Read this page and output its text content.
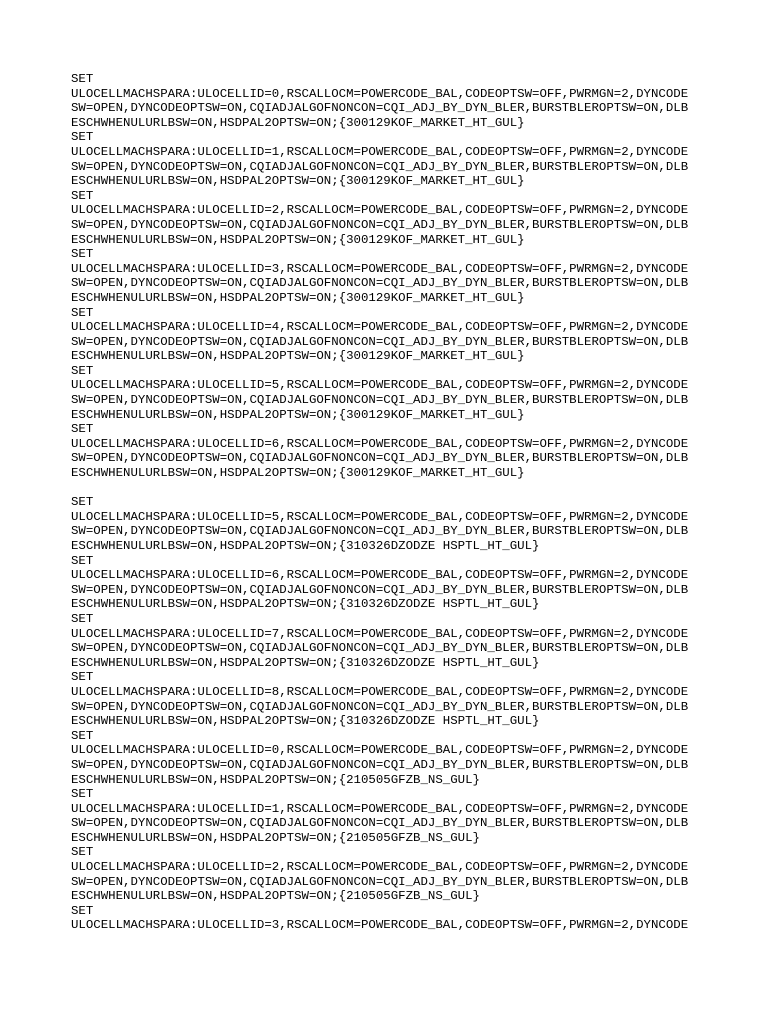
SET
ULOCELLMACHSPARA:ULOCELLID=0,RSCALLOCM=POWERCODE_BAL,CODEOPTSW=OFF,PWRMGN=2,DYNCODE
SW=OPEN,DYNCODEOPTSW=ON,CQIADJALGOFNONCON=CQI_ADJ_BY_DYN_BLER,BURSTBLEROPTSW=ON,DLB
ESCHWHENULURLBSW=ON,HSDPAL2OPTSW=ON;{300129KOF_MARKET_HT_GUL}
SET
ULOCELLMACHSPARA:ULOCELLID=1,RSCALLOCM=POWERCODE_BAL,CODEOPTSW=OFF,PWRMGN=2,DYNCODE
SW=OPEN,DYNCODEOPTSW=ON,CQIADJALGOFNONCON=CQI_ADJ_BY_DYN_BLER,BURSTBLEROPTSW=ON,DLB
ESCHWHENULURLBSW=ON,HSDPAL2OPTSW=ON;{300129KOF_MARKET_HT_GUL}
SET
ULOCELLMACHSPARA:ULOCELLID=2,RSCALLOCM=POWERCODE_BAL,CODEOPTSW=OFF,PWRMGN=2,DYNCODE
SW=OPEN,DYNCODEOPTSW=ON,CQIADJALGOFNONCON=CQI_ADJ_BY_DYN_BLER,BURSTBLEROPTSW=ON,DLB
ESCHWHENULURLBSW=ON,HSDPAL2OPTSW=ON;{300129KOF_MARKET_HT_GUL}
SET
ULOCELLMACHSPARA:ULOCELLID=3,RSCALLOCM=POWERCODE_BAL,CODEOPTSW=OFF,PWRMGN=2,DYNCODE
SW=OPEN,DYNCODEOPTSW=ON,CQIADJALGOFNONCON=CQI_ADJ_BY_DYN_BLER,BURSTBLEROPTSW=ON,DLB
ESCHWHENULURLBSW=ON,HSDPAL2OPTSW=ON;{300129KOF_MARKET_HT_GUL}
SET
ULOCELLMACHSPARA:ULOCELLID=4,RSCALLOCM=POWERCODE_BAL,CODEOPTSW=OFF,PWRMGN=2,DYNCODE
SW=OPEN,DYNCODEOPTSW=ON,CQIADJALGOFNONCON=CQI_ADJ_BY_DYN_BLER,BURSTBLEROPTSW=ON,DLB
ESCHWHENULURLBSW=ON,HSDPAL2OPTSW=ON;{300129KOF_MARKET_HT_GUL}
SET
ULOCELLMACHSPARA:ULOCELLID=5,RSCALLOCM=POWERCODE_BAL,CODEOPTSW=OFF,PWRMGN=2,DYNCODE
SW=OPEN,DYNCODEOPTSW=ON,CQIADJALGOFNONCON=CQI_ADJ_BY_DYN_BLER,BURSTBLEROPTSW=ON,DLB
ESCHWHENULURLBSW=ON,HSDPAL2OPTSW=ON;{300129KOF_MARKET_HT_GUL}
SET
ULOCELLMACHSPARA:ULOCELLID=6,RSCALLOCM=POWERCODE_BAL,CODEOPTSW=OFF,PWRMGN=2,DYNCODE
SW=OPEN,DYNCODEOPTSW=ON,CQIADJALGOFNONCON=CQI_ADJ_BY_DYN_BLER,BURSTBLEROPTSW=ON,DLB
ESCHWHENULURLBSW=ON,HSDPAL2OPTSW=ON;{300129KOF_MARKET_HT_GUL}
SET
ULOCELLMACHSPARA:ULOCELLID=5,RSCALLOCM=POWERCODE_BAL,CODEOPTSW=OFF,PWRMGN=2,DYNCODE
SW=OPEN,DYNCODEOPTSW=ON,CQIADJALGOFNONCON=CQI_ADJ_BY_DYN_BLER,BURSTBLEROPTSW=ON,DLB
ESCHWHENULURLBSW=ON,HSDPAL2OPTSW=ON;{310326DZODZE HSPTL_HT_GUL}
SET
ULOCELLMACHSPARA:ULOCELLID=6,RSCALLOCM=POWERCODE_BAL,CODEOPTSW=OFF,PWRMGN=2,DYNCODE
SW=OPEN,DYNCODEOPTSW=ON,CQIADJALGOFNONCON=CQI_ADJ_BY_DYN_BLER,BURSTBLEROPTSW=ON,DLB
ESCHWHENULURLBSW=ON,HSDPAL2OPTSW=ON;{310326DZODZE HSPTL_HT_GUL}
SET
ULOCELLMACHSPARA:ULOCELLID=7,RSCALLOCM=POWERCODE_BAL,CODEOPTSW=OFF,PWRMGN=2,DYNCODE
SW=OPEN,DYNCODEOPTSW=ON,CQIADJALGOFNONCON=CQI_ADJ_BY_DYN_BLER,BURSTBLEROPTSW=ON,DLB
ESCHWHENULURLBSW=ON,HSDPAL2OPTSW=ON;{310326DZODZE HSPTL_HT_GUL}
SET
ULOCELLMACHSPARA:ULOCELLID=8,RSCALLOCM=POWERCODE_BAL,CODEOPTSW=OFF,PWRMGN=2,DYNCODE
SW=OPEN,DYNCODEOPTSW=ON,CQIADJALGOFNONCON=CQI_ADJ_BY_DYN_BLER,BURSTBLEROPTSW=ON,DLB
ESCHWHENULURLBSW=ON,HSDPAL2OPTSW=ON;{310326DZODZE HSPTL_HT_GUL}
SET
ULOCELLMACHSPARA:ULOCELLID=0,RSCALLOCM=POWERCODE_BAL,CODEOPTSW=OFF,PWRMGN=2,DYNCODE
SW=OPEN,DYNCODEOPTSW=ON,CQIADJALGOFNONCON=CQI_ADJ_BY_DYN_BLER,BURSTBLEROPTSW=ON,DLB
ESCHWHENULURLBSW=ON,HSDPAL2OPTSW=ON;{210505GFZB_NS_GUL}
SET
ULOCELLMACHSPARA:ULOCELLID=1,RSCALLOCM=POWERCODE_BAL,CODEOPTSW=OFF,PWRMGN=2,DYNCODE
SW=OPEN,DYNCODEOPTSW=ON,CQIADJALGOFNONCON=CQI_ADJ_BY_DYN_BLER,BURSTBLEROPTSW=ON,DLB
ESCHWHENULURLBSW=ON,HSDPAL2OPTSW=ON;{210505GFZB_NS_GUL}
SET
ULOCELLMACHSPARA:ULOCELLID=2,RSCALLOCM=POWERCODE_BAL,CODEOPTSW=OFF,PWRMGN=2,DYNCODE
SW=OPEN,DYNCODEOPTSW=ON,CQIADJALGOFNONCON=CQI_ADJ_BY_DYN_BLER,BURSTBLEROPTSW=ON,DLB
ESCHWHENULURLBSW=ON,HSDPAL2OPTSW=ON;{210505GFZB_NS_GUL}
SET
ULOCELLMACHSPARA:ULOCELLID=3,RSCALLOCM=POWERCODE_BAL,CODEOPTSW=OFF,PWRMGN=2,DYNCODE
